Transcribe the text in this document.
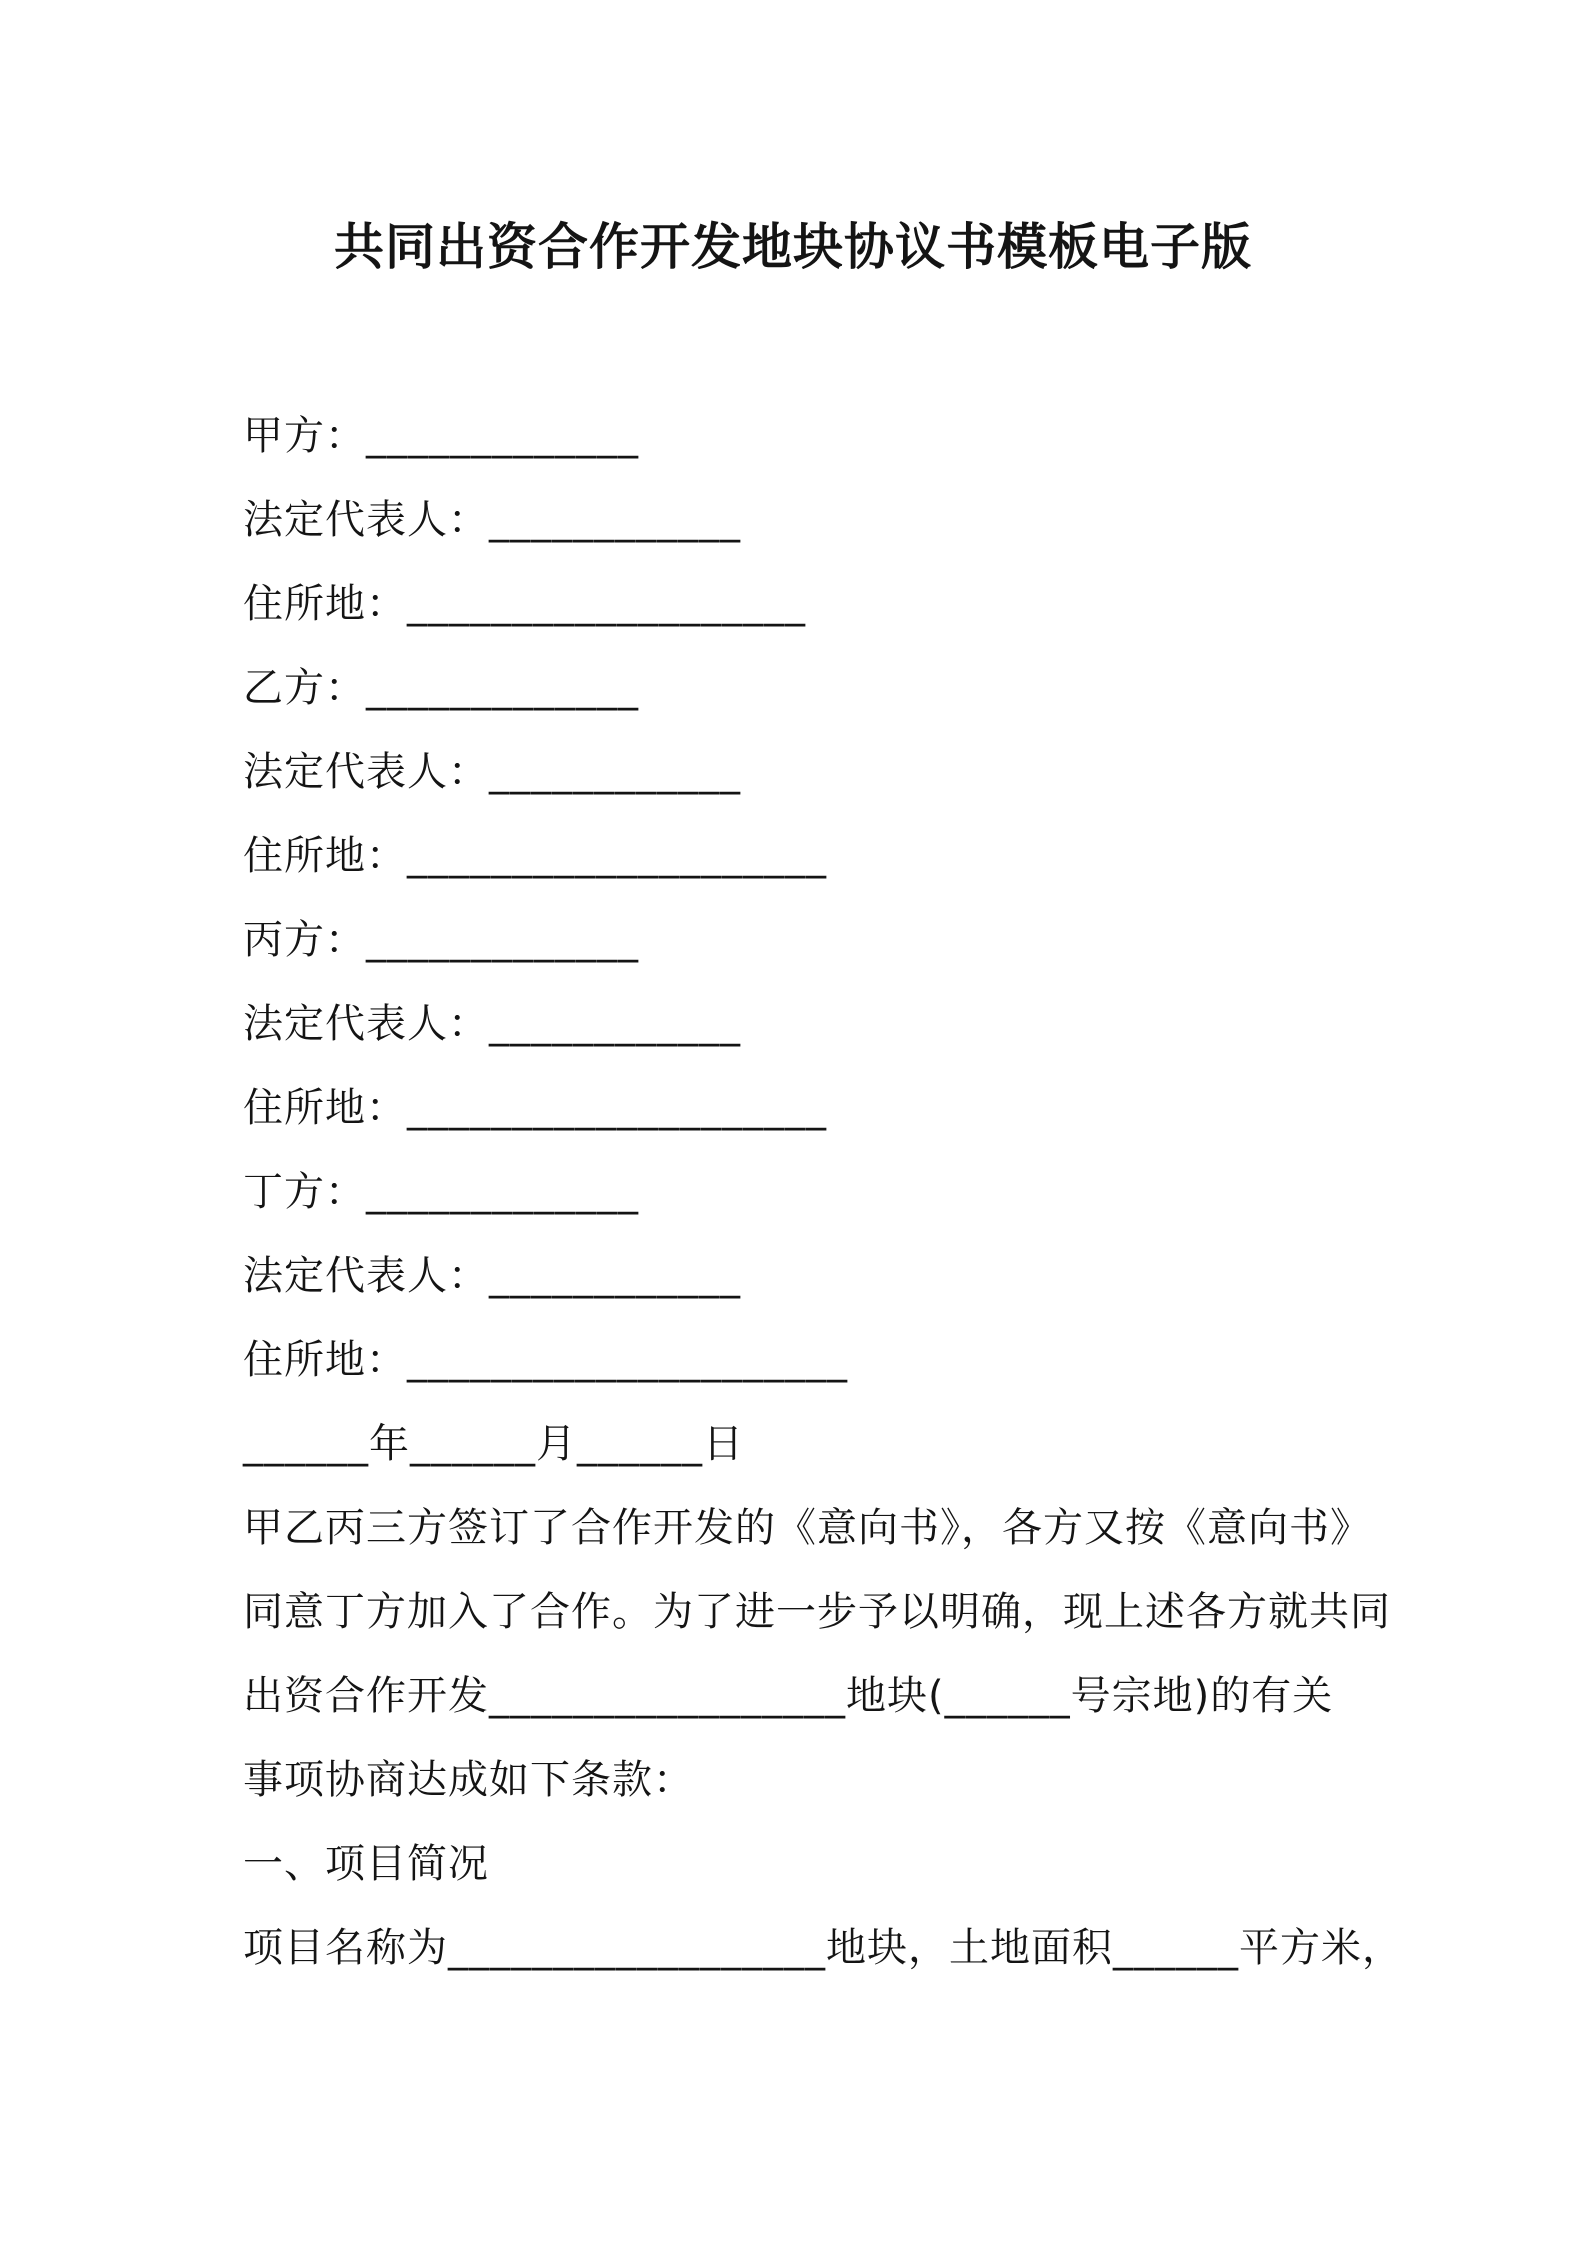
共同出资合作开发地块协议书模板电子版
甲方：_____________
法定代表人：____________
住所地：___________________
乙方：_____________
法定代表人：____________
住所地：____________________
丙方：_____________
法定代表人：____________
住所地：____________________
丁方：_____________
法定代表人：____________
住所地：_____________________
______年______月______日
甲乙丙三方签订了合作开发的《意向书》，各方又按《意向书》
同意丁方加入了合作。为了进一步予以明确，现上述各方就共同
出资合作开发_________________地块(______号宗地)的有关
事项协商达成如下条款：
一、项目简况
项目名称为__________________地块，土地面积______平方米，
